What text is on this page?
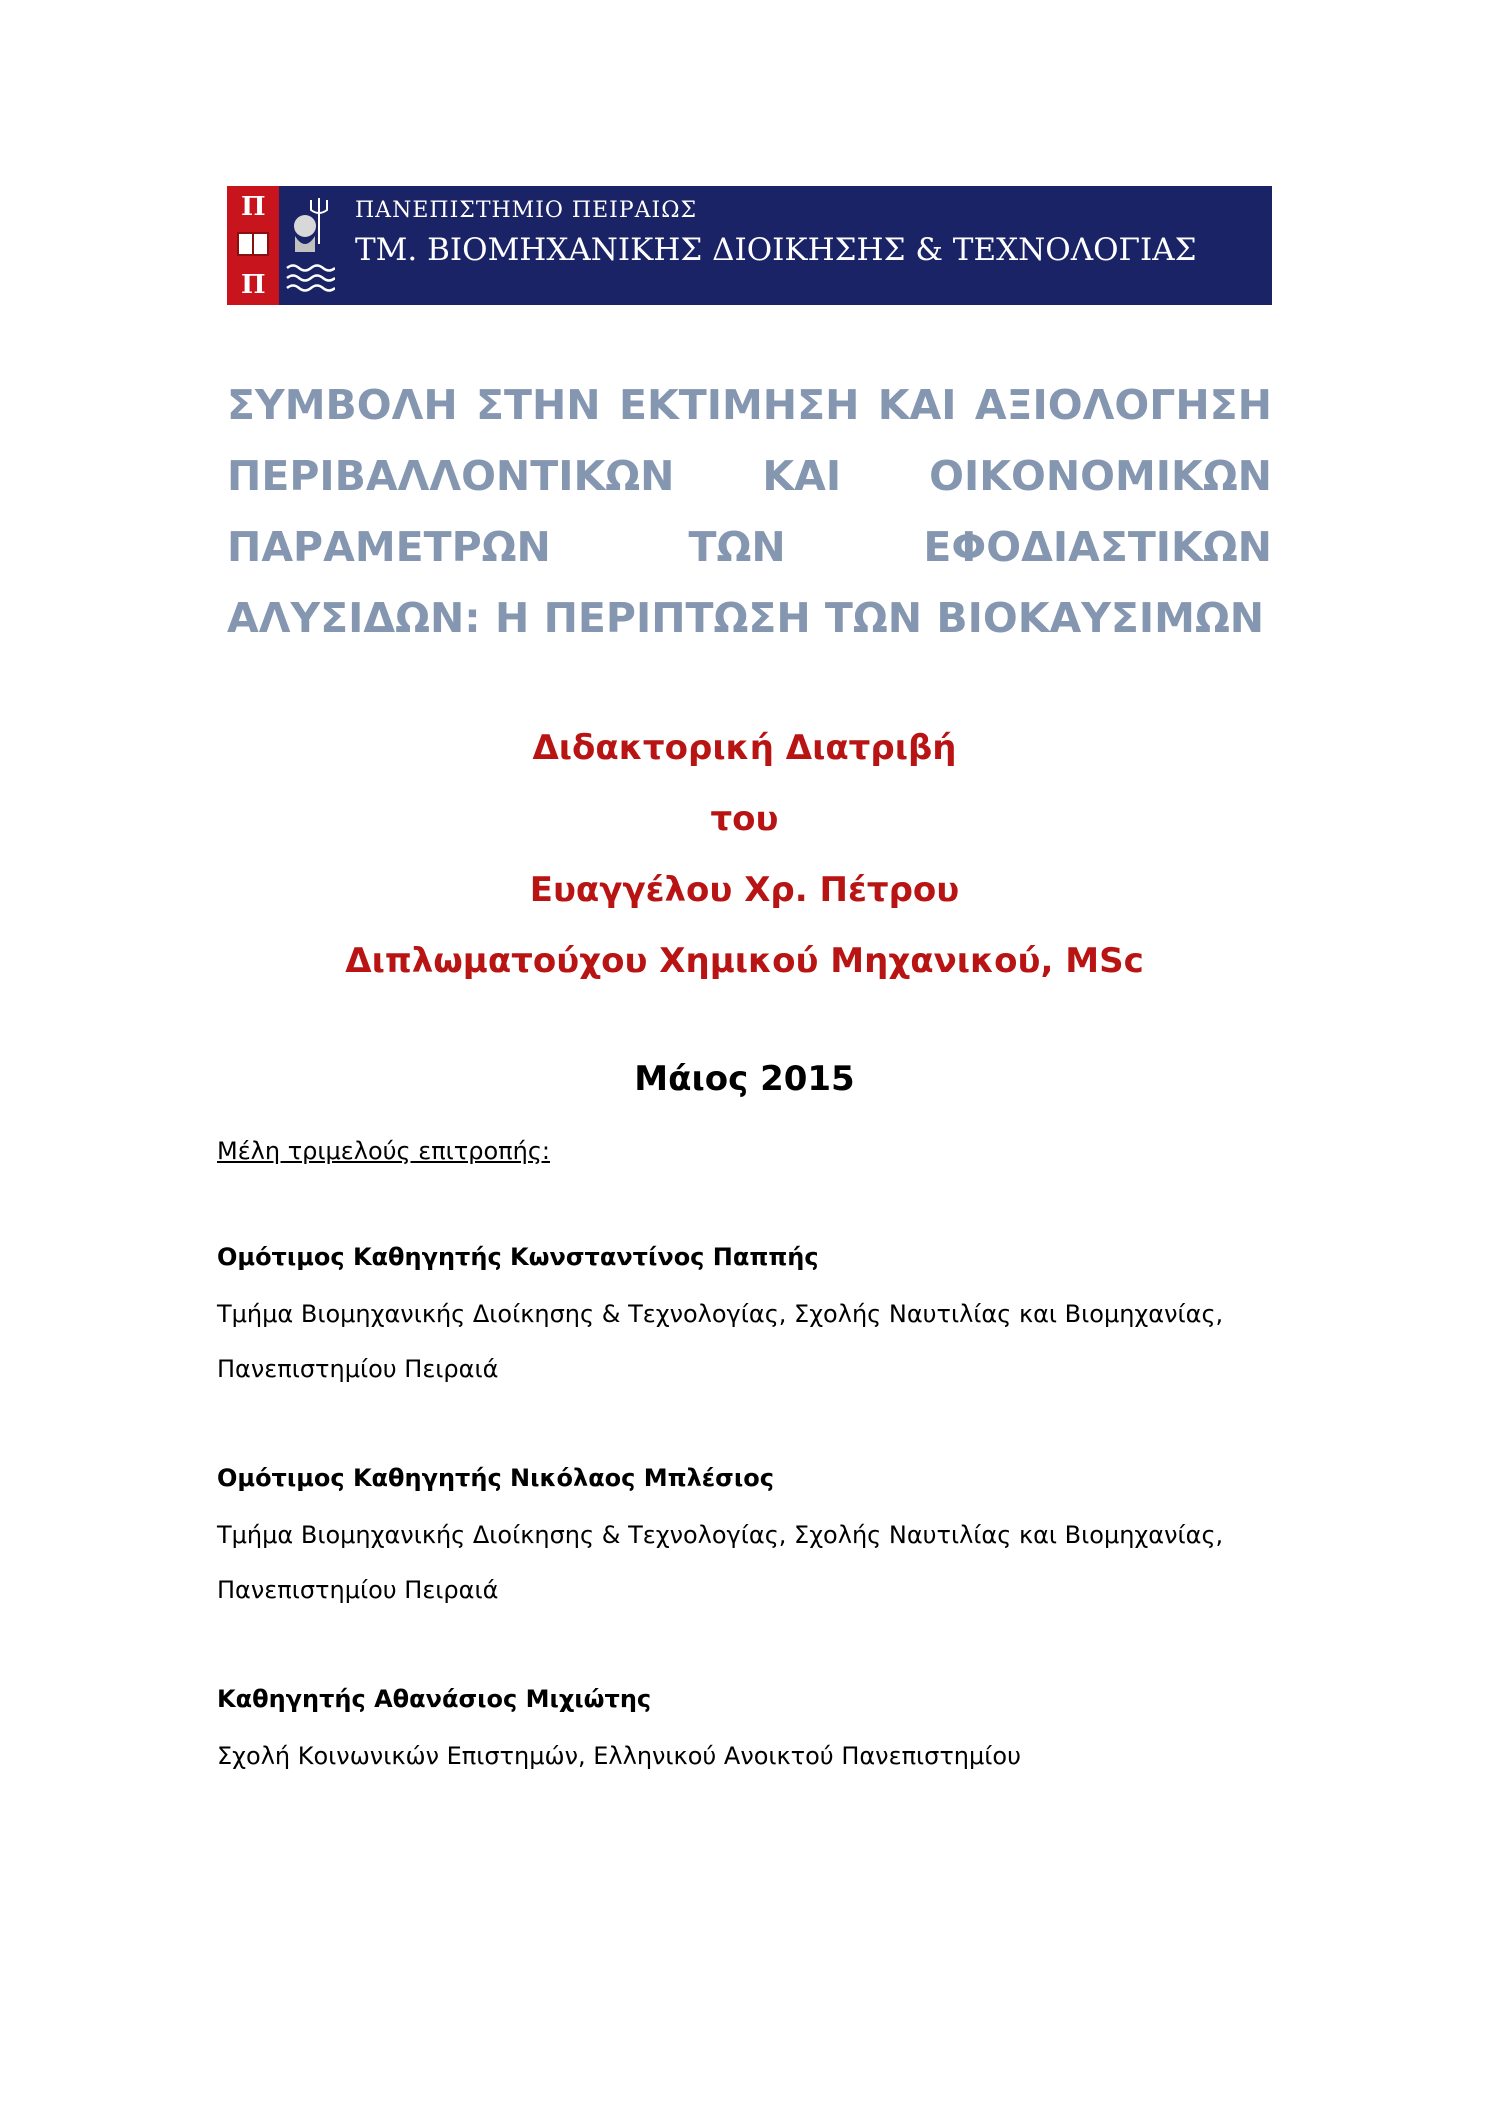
Π
Π
ΠΑΝΕΠΙΣΤΗΜΙΟ ΠΕΙΡΑΙΩΣ
ΤΜ. ΒΙΟΜΗΧΑΝΙΚΗΣ ΔΙΟΙΚΗΣΗΣ & ΤΕΧΝΟΛΟΓΙΑΣ
ΣΥΜΒΟΛΗ ΣΤΗΝ ΕΚΤΙΜΗΣΗ ΚΑΙ ΑΞΙΟΛΟΓΗΣΗ ΠΕΡΙΒΑΛΛΟΝΤΙΚΩΝ ΚΑΙ ΟΙΚΟΝΟΜΙΚΩΝ ΠΑΡΑΜΕΤΡΩΝ ΤΩΝ ΕΦΟΔΙΑΣΤΙΚΩΝ ΑΛΥΣΙΔΩΝ: Η ΠΕΡΙΠΤΩΣΗ ΤΩΝ ΒΙΟΚΑΥΣΙΜΩΝ

Διδακτορική Διατριβή

του

Ευαγγέλου Χρ. Πέτρου

Διπλωματούχου Χημικού Μηχανικού, MSc

Μάιος 2015

Μέλη τριμελούς επιτροπής:
Ομότιμος Καθηγητής Κωνσταντίνος Παππής
Τμήμα Βιομηχανικής Διοίκησης & Τεχνολογίας, Σχολής Ναυτιλίας και Βιομηχανίας,
Πανεπιστημίου Πειραιά
Ομότιμος Καθηγητής Νικόλαος Μπλέσιος
Τμήμα Βιομηχανικής Διοίκησης & Τεχνολογίας, Σχολής Ναυτιλίας και Βιομηχανίας,
Πανεπιστημίου Πειραιά
Καθηγητής Αθανάσιος Μιχιώτης
Σχολή Κοινωνικών Επιστημών, Ελληνικού Ανοικτού Πανεπιστημίου
